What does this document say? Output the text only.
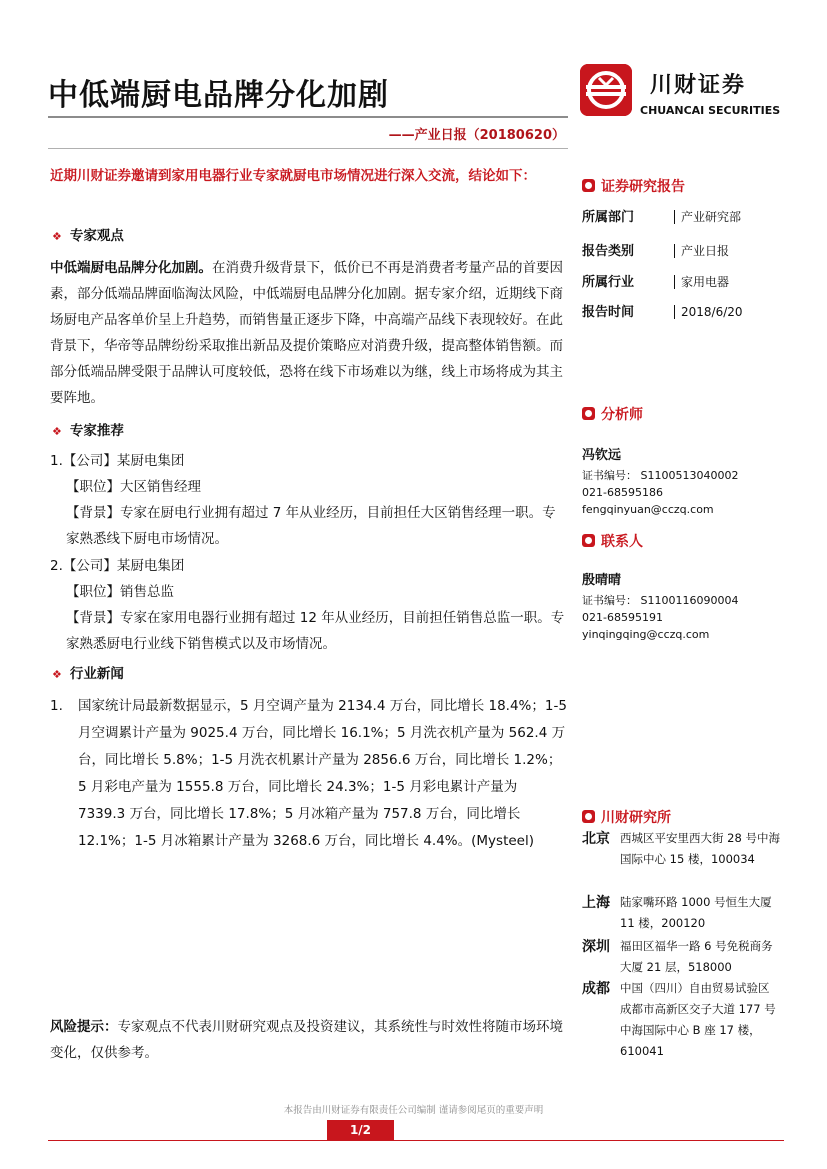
中低端厨电品牌分化加剧
——产业日报（20180620）
川财证券
CHUANCAI SECURITIES
近期川财证券邀请到家用电器行业专家就厨电市场情况进行深入交流，结论如下：
❖ 专家观点
中低端厨电品牌分化加剧。在消费升级背景下，低价已不再是消费者考量产品的首要因素，部分低端品牌面临淘汰风险，中低端厨电品牌分化加剧。据专家介绍，近期线下商场厨电产品客单价呈上升趋势，而销售量正逐步下降，中高端产品线下表现较好。在此背景下，华帝等品牌纷纷采取推出新品及提价策略应对消费升级，提高整体销售额。而部分低端品牌受限于品牌认可度较低，恐将在线下市场难以为继，线上市场将成为其主要阵地。
❖ 专家推荐
1.【公司】某厨电集团
【职位】大区销售经理
【背景】专家在厨电行业拥有超过 7 年从业经历，目前担任大区销售经理一职。专家熟悉线下厨电市场情况。
2.【公司】某厨电集团
【职位】销售总监
【背景】专家在家用电器行业拥有超过 12 年从业经历，目前担任销售总监一职。专家熟悉厨电行业线下销售模式以及市场情况。
❖ 行业新闻
1.	国家统计局最新数据显示，5 月空调产量为 2134.4 万台，同比增长 18.4%；1-5 月空调累计产量为 9025.4 万台，同比增长 16.1%；5 月洗衣机产量为 562.4 万台，同比增长 5.8%；1-5 月洗衣机累计产量为 2856.6 万台，同比增长 1.2%；5 月彩电产量为 1555.8 万台，同比增长 24.3%；1-5 月彩电累计产量为 7339.3 万台，同比增长 17.8%；5 月冰箱产量为 757.8 万台，同比增长 12.1%；1-5 月冰箱累计产量为 3268.6 万台，同比增长 4.4%。(Mysteel)
风险提示：专家观点不代表川财研究观点及投资建议，其系统性与时效性将随市场环境变化，仅供参考。
证券研究报告
所属部门	产业研究部
报告类别	产业日报
所属行业	家用电器
报告时间	2018/6/20
分析师
冯钦远
证书编号： S1100513040002
021-68595186
fengqinyuan@cczq.com
联系人
殷晴晴
证书编号： S1100116090004
021-68595191
yinqingqing@cczq.com
川财研究所
北京 西城区平安里西大街 28 号中海国际中心 15 楼，100034
上海 陆家嘴环路 1000 号恒生大厦 11 楼，200120
深圳 福田区福华一路 6 号免税商务大厦 21 层，518000
成都 中国（四川）自由贸易试验区成都市高新区交子大道 177 号中海国际中心 B 座 17 楼，610041
本报告由川财证券有限责任公司编制 谨请参阅尾页的重要声明
1/2
